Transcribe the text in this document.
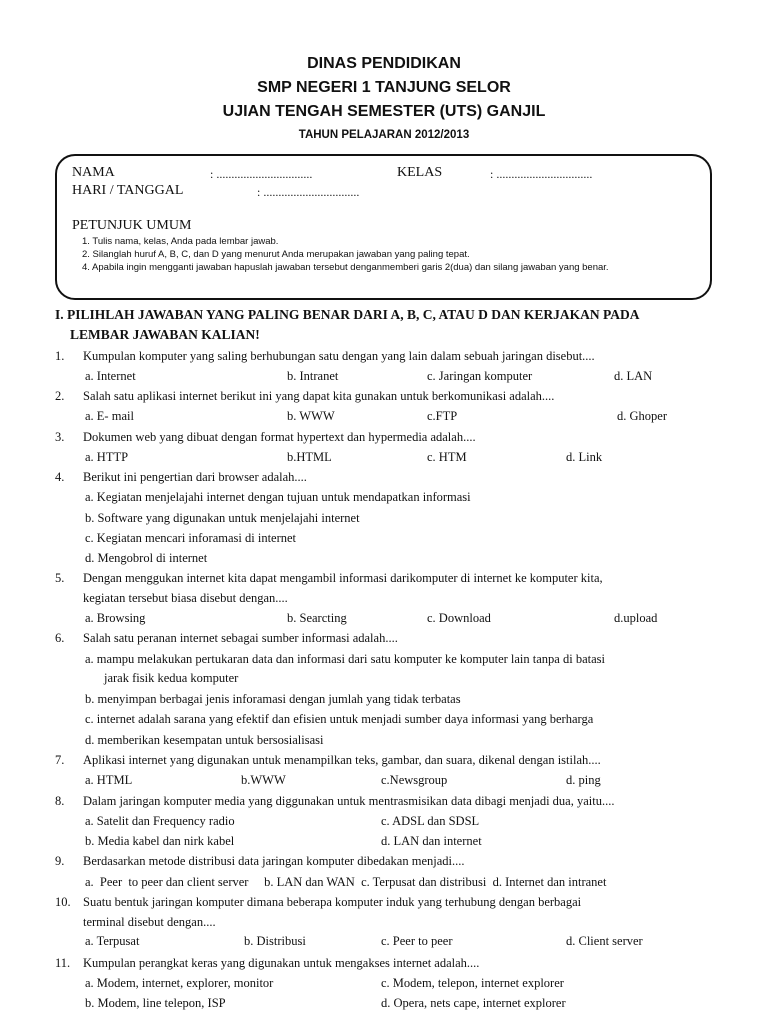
DINAS PENDIDIKAN
SMP NEGERI 1 TANJUNG SELOR
UJIAN TENGAH SEMESTER (UTS) GANJIL
TAHUN PELAJARAN 2012/2013
NAMA	: ................................	KELAS	: ................................
HARI / TANGGAL	: ................................
PETUNJUK UMUM
1. Tulis nama, kelas, Anda pada lembar jawab.
2. Silanglah huruf A, B, C, dan D yang menurut Anda merupakan jawaban yang paling tepat.
4. Apabila ingin mengganti jawaban hapuslah jawaban tersebut denganmemberi garis 2(dua) dan silang jawaban yang benar.
I. PILIHLAH JAWABAN YANG PALING BENAR DARI A, B, C, ATAU D DAN KERJAKAN PADA
LEMBAR JAWABAN KALIAN!
1. Kumpulan komputer yang saling berhubungan satu dengan yang lain dalam sebuah jaringan disebut....
a. Internet	b. Intranet	c. Jaringan komputer	d. LAN
2. Salah satu aplikasi internet berikut ini yang dapat kita gunakan untuk berkomunikasi adalah....
a. E- mail	b. WWW	c.FTP	d. Ghoper
3. Dokumen web yang dibuat dengan format hypertext dan hypermedia adalah....
a. HTTP	b.HTML	c. HTM	d. Link
4. Berikut ini pengertian dari browser adalah....
a. Kegiatan menjelajahi internet dengan tujuan untuk mendapatkan informasi
b. Software yang digunakan untuk menjelajahi internet
c. Kegiatan mencari inforamasi di internet
d. Mengobrol di internet
5. Dengan menggukan internet kita dapat mengambil informasi darikomputer di internet ke komputer kita,
kegiatan tersebut biasa disebut dengan....
a. Browsing	b. Searcting	c. Download	d.upload
6. Salah satu peranan internet sebagai sumber informasi adalah....
a. mampu melakukan pertukaran data dan informasi dari satu komputer ke komputer lain tanpa di batasi
jarak fisik kedua komputer
b. menyimpan berbagai jenis inforamasi dengan jumlah yang tidak terbatas
c. internet adalah sarana yang efektif dan efisien untuk menjadi sumber daya informasi yang berharga
d. memberikan kesempatan untuk bersosialisasi
7. Aplikasi internet yang digunakan untuk menampilkan teks, gambar, dan suara, dikenal dengan istilah....
a. HTML	b.WWW	c.Newsgroup	d. ping
8. Dalam jaringan komputer media yang diggunakan untuk mentrasmisikan data dibagi menjadi dua, yaitu....
a. Satelit dan Frequency radio	c. ADSL dan SDSL
b. Media kabel dan nirk kabel	d. LAN dan internet
9. Berdasarkan metode distribusi data jaringan komputer dibedakan menjadi....
a.  Peer  to peer dan client server     b. LAN dan WAN  c. Terpusat dan distribusi  d. Internet dan intranet
10. Suatu bentuk jaringan komputer dimana beberapa komputer induk yang terhubung dengan berbagai
terminal disebut dengan....
a. Terpusat	b. Distribusi	c. Peer to peer	d. Client server
11. Kumpulan perangkat keras yang digunakan untuk mengakses internet adalah....
a. Modem, internet, explorer, monitor	c. Modem, telepon, internet explorer
b. Modem, line telepon, ISP	d. Opera, nets cape, internet explorer
